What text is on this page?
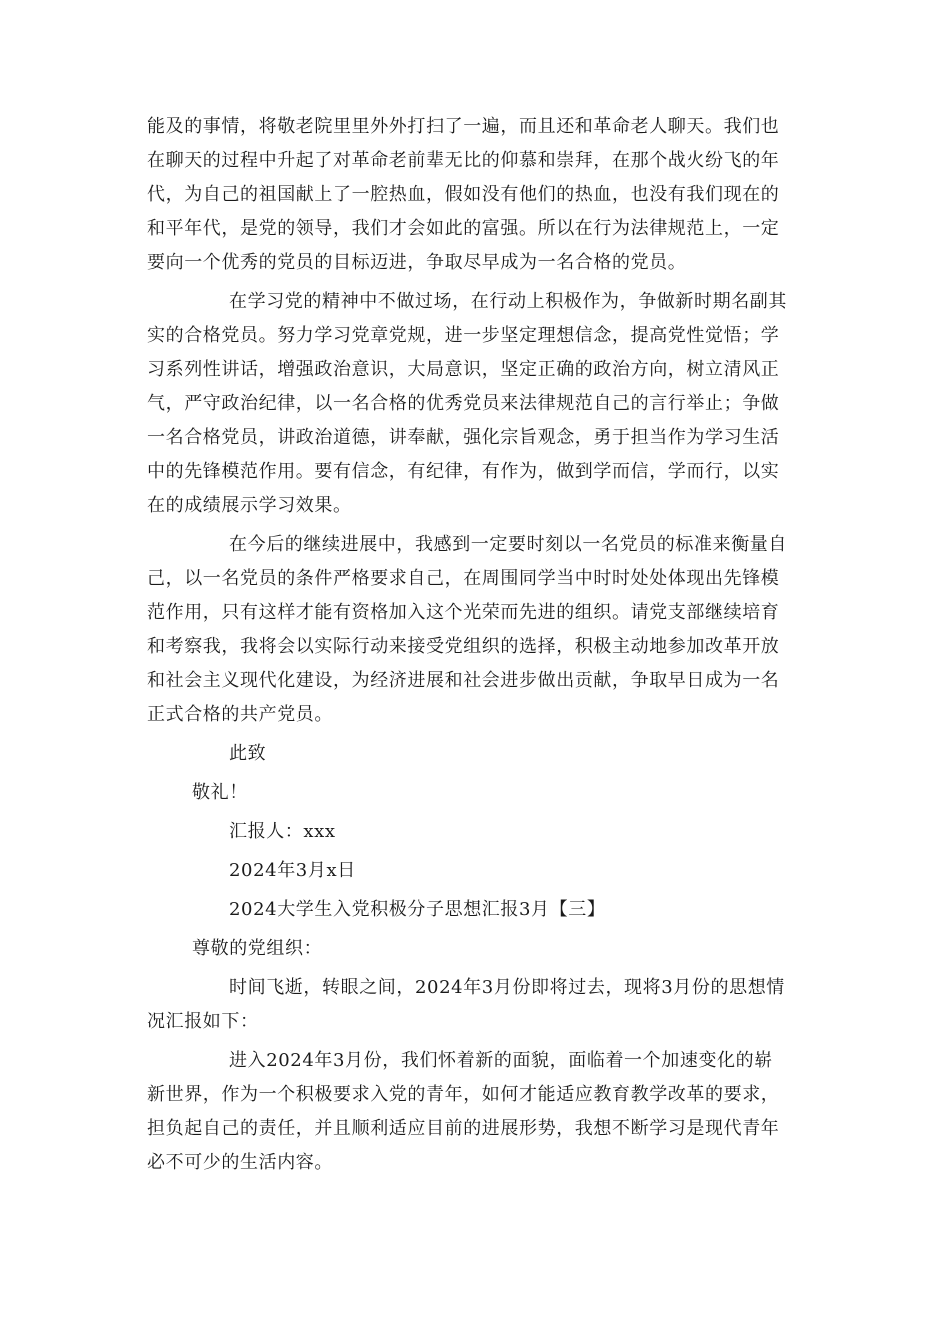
能及的事情，将敬老院里里外外打扫了一遍，而且还和革命老人聊天。我们也
在聊天的过程中升起了对革命老前辈无比的仰慕和崇拜，在那个战火纷飞的年
代，为自己的祖国献上了一腔热血，假如没有他们的热血，也没有我们现在的
和平年代，是党的领导，我们才会如此的富强。所以在行为法律规范上，一定
要向一个优秀的党员的目标迈进，争取尽早成为一名合格的党员。
在学习党的精神中不做过场，在行动上积极作为，争做新时期名副其
实的合格党员。努力学习党章党规，进一步坚定理想信念，提高党性觉悟；学
习系列性讲话，增强政治意识，大局意识，坚定正确的政治方向，树立清风正
气，严守政治纪律，以一名合格的优秀党员来法律规范自己的言行举止；争做
一名合格党员，讲政治道德，讲奉献，强化宗旨观念，勇于担当作为学习生活
中的先锋模范作用。要有信念，有纪律，有作为，做到学而信，学而行，以实
在的成绩展示学习效果。
在今后的继续进展中，我感到一定要时刻以一名党员的标准来衡量自
己，以一名党员的条件严格要求自己，在周围同学当中时时处处体现出先锋模
范作用，只有这样才能有资格加入这个光荣而先进的组织。请党支部继续培育
和考察我，我将会以实际行动来接受党组织的选择，积极主动地参加改革开放
和社会主义现代化建设，为经济进展和社会进步做出贡献，争取早日成为一名
正式合格的共产党员。
此致
敬礼！
汇报人：xxx
2024年3月x日
2024大学生入党积极分子思想汇报3月【三】
尊敬的党组织：
时间飞逝，转眼之间，2024年3月份即将过去，现将3月份的思想情
况汇报如下：
进入2024年3月份，我们怀着新的面貌，面临着一个加速变化的崭
新世界，作为一个积极要求入党的青年，如何才能适应教育教学改革的要求，
担负起自己的责任，并且顺利适应目前的进展形势，我想不断学习是现代青年
必不可少的生活内容。
